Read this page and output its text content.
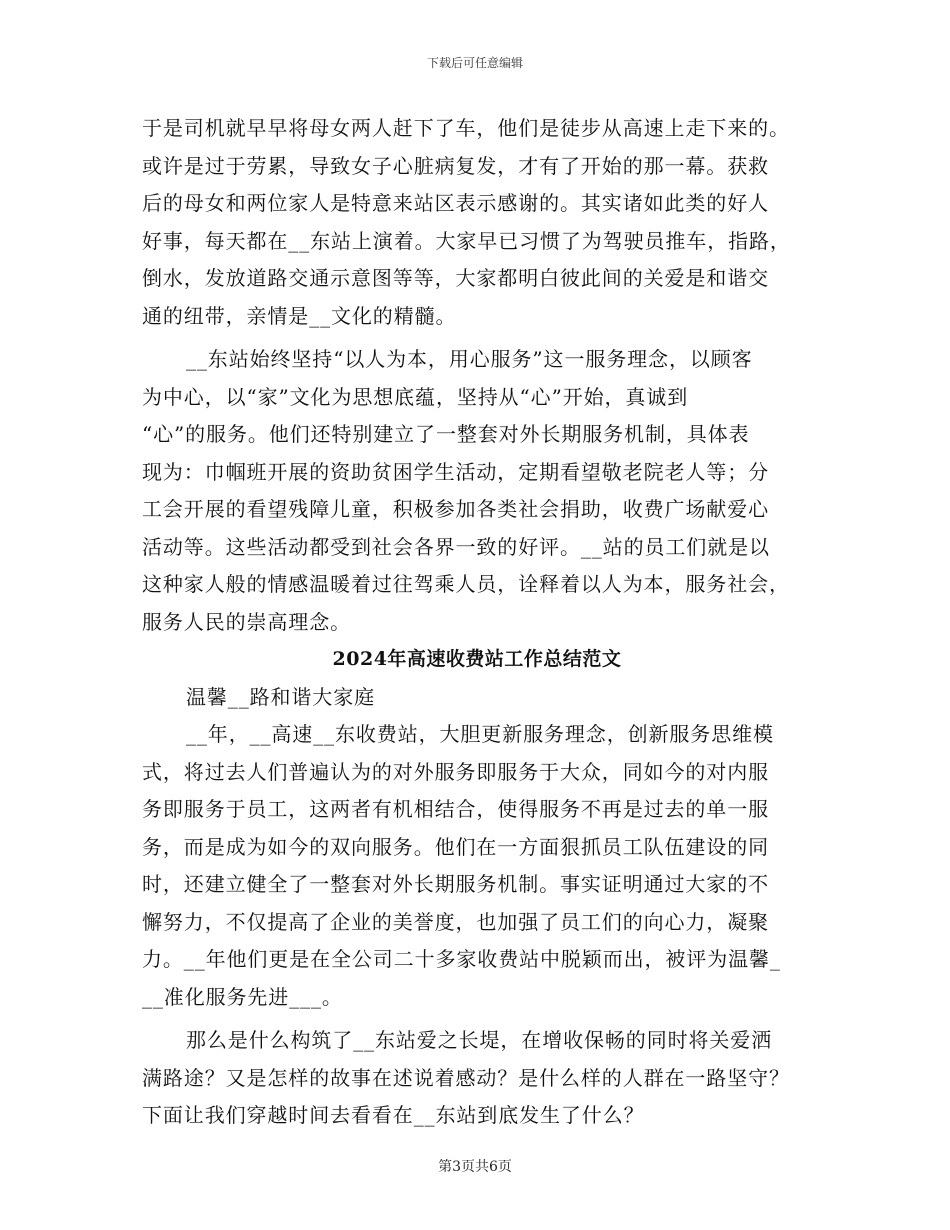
下载后可任意编辑
于是司机就早早将母女两人赶下了车，他们是徒步从高速上走下来的。
或许是过于劳累，导致女子心脏病复发，才有了开始的那一幕。获救
后的母女和两位家人是特意来站区表示感谢的。其实诸如此类的好人
好事，每天都在__东站上演着。大家早已习惯了为驾驶员推车，指路，
倒水，发放道路交通示意图等等，大家都明白彼此间的关爱是和谐交
通的纽带，亲情是__文化的精髓。
__东站始终坚持“以人为本，用心服务”这一服务理念，以顾客
为中心，以“家”文化为思想底蕴，坚持从“心”开始，真诚到
“心”的服务。他们还特别建立了一整套对外长期服务机制，具体表
现为：巾帼班开展的资助贫困学生活动，定期看望敬老院老人等；分
工会开展的看望残障儿童，积极参加各类社会捐助，收费广场献爱心
活动等。这些活动都受到社会各界一致的好评。__站的员工们就是以
这种家人般的情感温暖着过往驾乘人员，诠释着以人为本，服务社会，
服务人民的崇高理念。
2024年高速收费站工作总结范文
温馨__路和谐大家庭
__年，__高速__东收费站，大胆更新服务理念，创新服务思维模
式，将过去人们普遍认为的对外服务即服务于大众，同如今的对内服
务即服务于员工，这两者有机相结合，使得服务不再是过去的单一服
务，而是成为如今的双向服务。他们在一方面狠抓员工队伍建设的同
时，还建立健全了一整套对外长期服务机制。事实证明通过大家的不
懈努力，不仅提高了企业的美誉度，也加强了员工们的向心力，凝聚
力。__年他们更是在全公司二十多家收费站中脱颖而出，被评为温馨_
__准化服务先进___。
那么是什么构筑了__东站爱之长堤，在增收保畅的同时将关爱洒
满路途？又是怎样的故事在述说着感动？是什么样的人群在一路坚守？
下面让我们穿越时间去看看在__东站到底发生了什么？
第3页共6页
